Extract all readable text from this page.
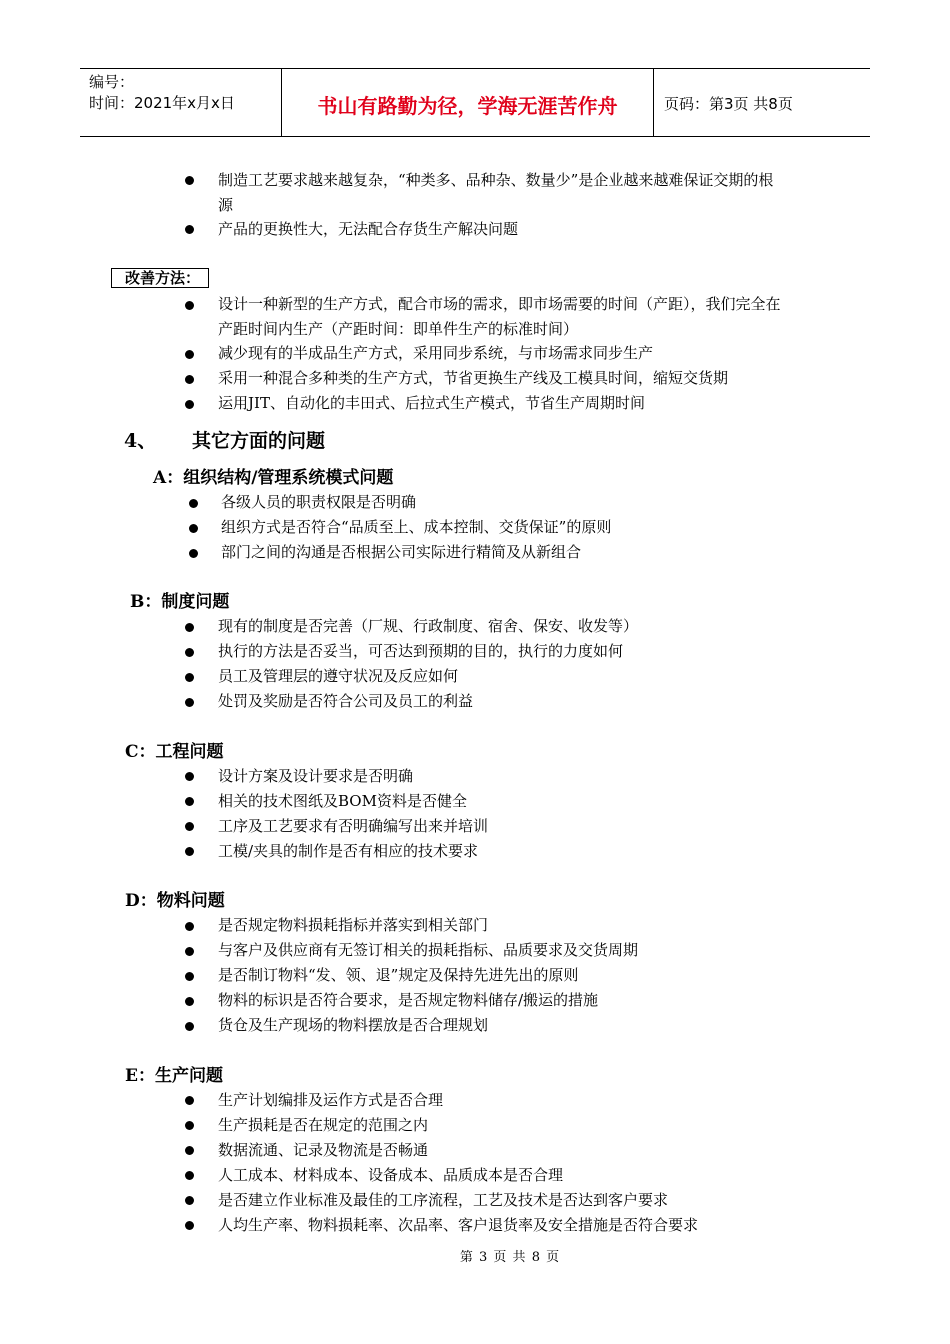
编号：
时间：2021年x月x日	书山有路勤为径，学海无涯苦作舟	页码：第3页 共8页
制造工艺要求越来越复杂，“种类多、品种杂、数量少”是企业越来越难保证交期的根
源
产品的更换性大，无法配合存货生产解决问题
改善方法：
设计一种新型的生产方式，配合市场的需求，即市场需要的时间（产距），我们完全在
产距时间内生产（产距时间：即单件生产的标准时间）
减少现有的半成品生产方式，采用同步系统，与市场需求同步生产
采用一种混合多种类的生产方式，节省更换生产线及工模具时间，缩短交货期
运用JIT、自动化的丰田式、后拉式生产模式，节省生产周期时间
4、 其它方面的问题
A：组织结构/管理系统模式问题
各级人员的职责权限是否明确
组织方式是否符合“品质至上、成本控制、交货保证”的原则
部门之间的沟通是否根据公司实际进行精简及从新组合
B：制度问题
现有的制度是否完善（厂规、行政制度、宿舍、保安、收发等）
执行的方法是否妥当，可否达到预期的目的，执行的力度如何
员工及管理层的遵守状况及反应如何
处罚及奖励是否符合公司及员工的利益
C：工程问题
设计方案及设计要求是否明确
相关的技术图纸及BOM资料是否健全
工序及工艺要求有否明确编写出来并培训
工模/夹具的制作是否有相应的技术要求
D：物料问题
是否规定物料损耗指标并落实到相关部门
与客户及供应商有无签订相关的损耗指标、品质要求及交货周期
是否制订物料“发、领、退”规定及保持先进先出的原则
物料的标识是否符合要求，是否规定物料储存/搬运的措施
货仓及生产现场的物料摆放是否合理规划
E：生产问题
生产计划编排及运作方式是否合理
生产损耗是否在规定的范围之内
数据流通、记录及物流是否畅通
人工成本、材料成本、设备成本、品质成本是否合理
是否建立作业标准及最佳的工序流程，工艺及技术是否达到客户要求
人均生产率、物料损耗率、次品率、客户退货率及安全措施是否符合要求
第 3 页 共 8 页
